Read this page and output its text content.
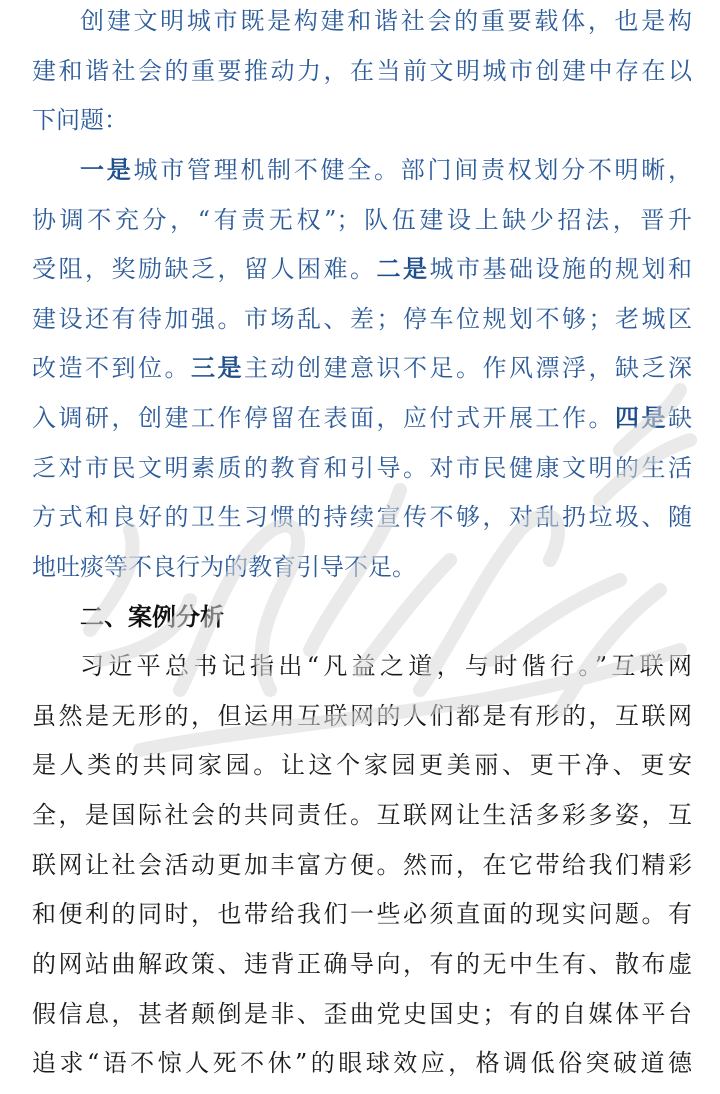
创建文明城市既是构建和谐社会的重要载体，也是构
建和谐社会的重要推动力，在当前文明城市创建中存在以
下问题：
一是城市管理机制不健全。部门间责权划分不明晰，
协调不充分，“有责无权”；队伍建设上缺少招法，晋升
受阻，奖励缺乏，留人困难。二是城市基础设施的规划和
建设还有待加强。市场乱、差；停车位规划不够；老城区
改造不到位。三是主动创建意识不足。作风漂浮，缺乏深
入调研，创建工作停留在表面，应付式开展工作。四是缺
乏对市民文明素质的教育和引导。对市民健康文明的生活
方式和良好的卫生习惯的持续宣传不够，对乱扔垃圾、随
地吐痰等不良行为的教育引导不足。
二、案例分析
习近平总书记指出“凡益之道，与时偕行。”互联网
虽然是无形的，但运用互联网的人们都是有形的，互联网
是人类的共同家园。让这个家园更美丽、更干净、更安
全，是国际社会的共同责任。互联网让生活多彩多姿，互
联网让社会活动更加丰富方便。然而，在它带给我们精彩
和便利的同时，也带给我们一些必须直面的现实问题。有
的网站曲解政策、违背正确导向，有的无中生有、散布虚
假信息，甚者颠倒是非、歪曲党史国史；有的自媒体平台
追求“语不惊人死不休”的眼球效应，格调低俗突破道德
